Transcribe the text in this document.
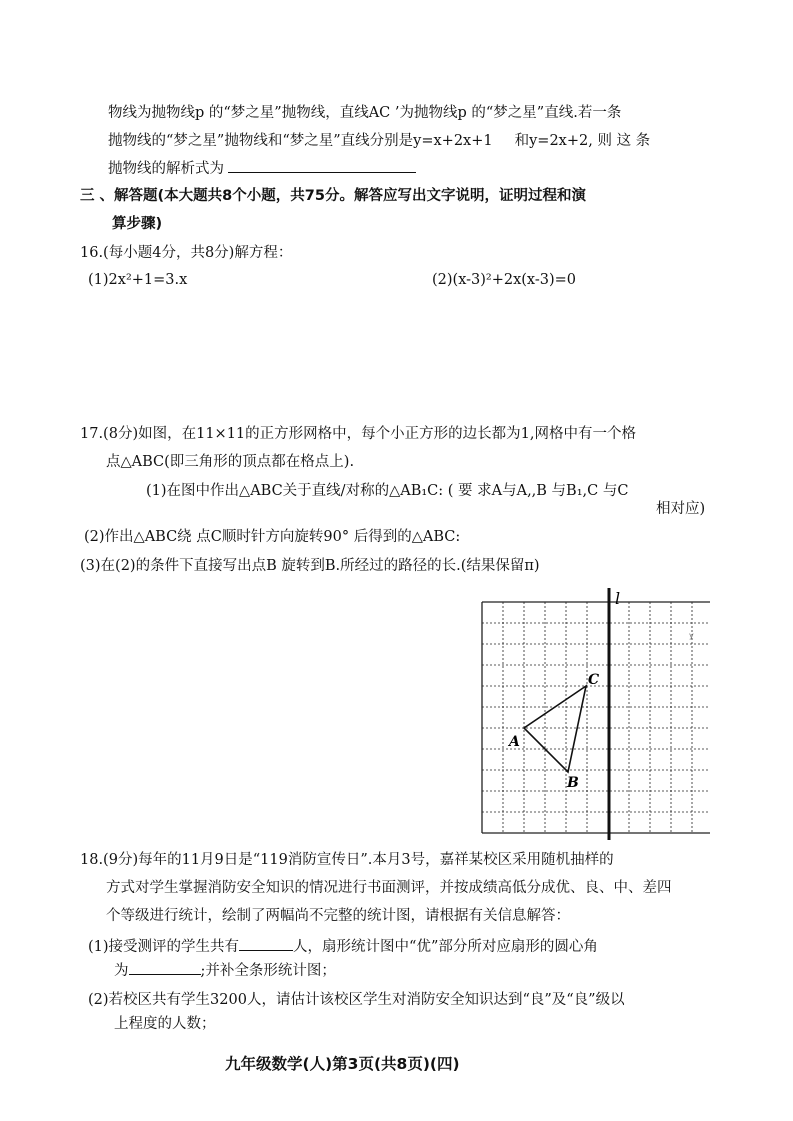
物线为抛物线p 的“梦之星”抛物线，直线AC ’为抛物线p 的“梦之星”直线.若一条
抛物线的“梦之星”抛物线和“梦之星”直线分别是y=x+2x+1 和y=2x+2, 则 这 条
抛物线的解析式为
三 、解答题(本大题共8个小题，共75分。解答应写出文字说明，证明过程和演
算步骤)
16.(每小题4分，共8分)解方程：
(1)2x²+1=3.x	(2)(x-3)²+2x(x-3)=0
17.(8分)如图，在11×11的正方形网格中，每个小正方形的边长都为1,网格中有一个格
点△ABC(即三角形的顶点都在格点上).
(1)在图中作出△ABC关于直线/对称的△AB₁C: ( 要 求A与A,,B 与B₁,C 与C
相对应)
(2)作出△ABC绕 点C顺时针方向旋转90° 后得到的△ABC:
(3)在(2)的条件下直接写出点B 旋转到B.所经过的路径的长.(结果保留π)
l
C
A
B
y
18.(9分)每年的11月9日是“119消防宣传日”.本月3号，嘉祥某校区采用随机抽样的
方式对学生掌握消防安全知识的情况进行书面测评，并按成绩高低分成优、良、中、差四
个等级进行统计，绘制了两幅尚不完整的统计图，请根据有关信息解答：
(1)接受测评的学生共有	人，扇形统计图中“优”部分所对应扇形的圆心角
为	;并补全条形统计图；
(2)若校区共有学生3200人，请估计该校区学生对消防安全知识达到“良”及“良”级以
上程度的人数；
九年级数学(人)第3页(共8页)(四)
